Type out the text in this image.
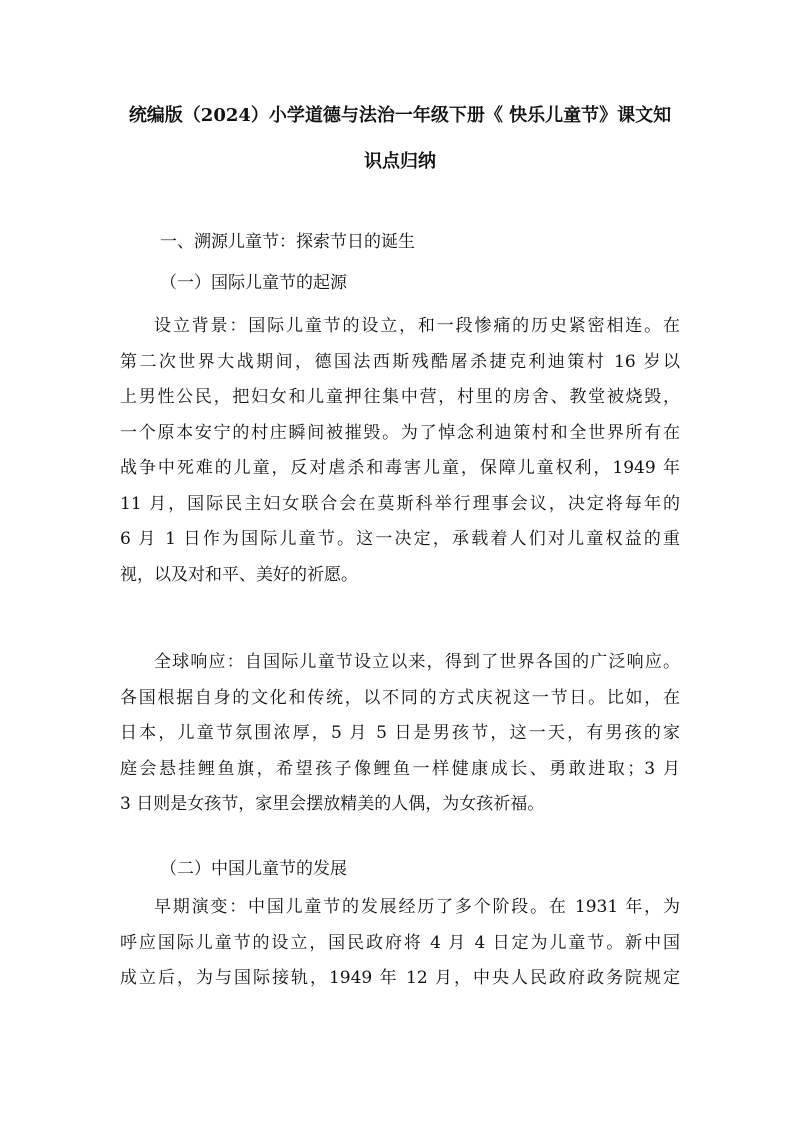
统编版（2024）小学道德与法治一年级下册《 快乐儿童节》课文知
识点归纳
一、溯源儿童节：探索节日的诞生
（一）国际儿童节的起源
设立背景：国际儿童节的设立，和一段惨痛的历史紧密相连。在
第二次世界大战期间，德国法西斯残酷屠杀捷克利迪策村 16 岁以
上男性公民，把妇女和儿童押往集中营，村里的房舍、教堂被烧毁，
一个原本安宁的村庄瞬间被摧毁。为了悼念利迪策村和全世界所有在
战争中死难的儿童，反对虐杀和毒害儿童，保障儿童权利，1949 年
11 月，国际民主妇女联合会在莫斯科举行理事会议，决定将每年的
6 月 1 日作为国际儿童节。这一决定，承载着人们对儿童权益的重
视，以及对和平、美好的祈愿。
全球响应：自国际儿童节设立以来，得到了世界各国的广泛响应。
各国根据自身的文化和传统，以不同的方式庆祝这一节日。比如，在
日本，儿童节氛围浓厚，5 月 5 日是男孩节，这一天，有男孩的家
庭会悬挂鲤鱼旗，希望孩子像鲤鱼一样健康成长、勇敢进取；3 月
3 日则是女孩节，家里会摆放精美的人偶，为女孩祈福。
（二）中国儿童节的发展
早期演变：中国儿童节的发展经历了多个阶段。在 1931 年，为
呼应国际儿童节的设立，国民政府将 4 月 4 日定为儿童节。新中国
成立后，为与国际接轨，1949 年 12 月，中央人民政府政务院规定
